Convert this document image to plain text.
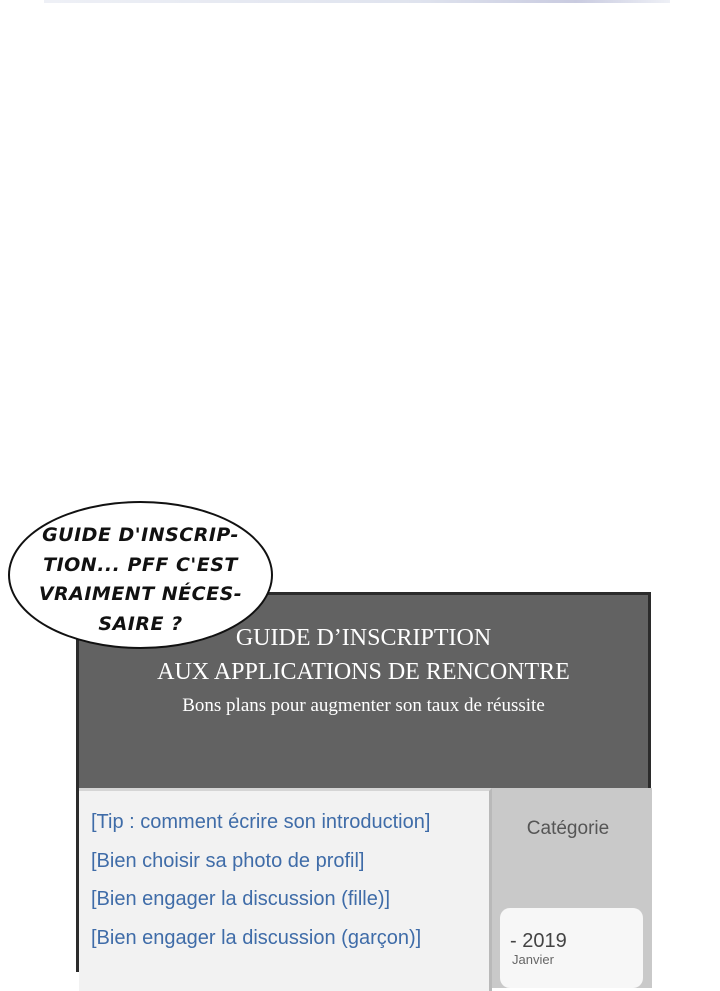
GUIDE D’INSCRIPTION
AUX APPLICATIONS DE RENCONTRE
Bons plans pour augmenter son taux de réussite
[Tip : comment écrire son introduction]
[Bien choisir sa photo de profil]
[Bien engager la discussion (fille)]
[Bien engager la discussion (garçon)]
Catégorie
- 2019
Janvier
GUIDE D'INSCRIP-
TION... PFF C'EST
VRAIMENT NÉCES-
SAIRE ?
